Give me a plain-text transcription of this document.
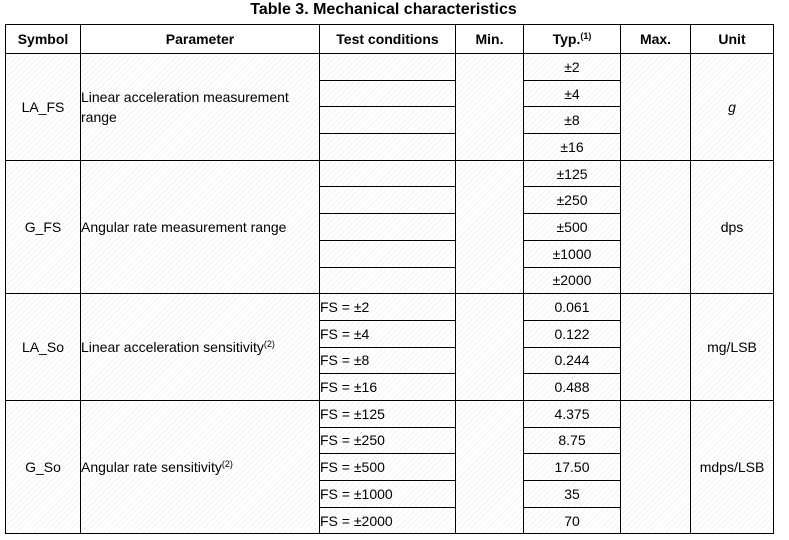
Table 3. Mechanical characteristics
Symbol	Parameter	Test conditions	Min.	Typ.$^{(1)}$	Max.	Unit
LA_FS	Linear acceleration measurement range			±2		g
				±4		
				±8		
				±16		
G_FS	Angular rate measurement range			±125		dps
				±250		
				±500		
				±1000		
				±2000		
LA_So	Linear acceleration sensitivity$^{(2)}$	FS = ±2		0.061		mg/LSB
		FS = ±4		0.122		
		FS = ±8		0.244		
		FS = ±16		0.488		
G_So	Angular rate sensitivity$^{(2)}$	FS = ±125		4.375		mdps/LSB
		FS = ±250		8.75		
		FS = ±500		17.50		
		FS = ±1000		35		
		FS = ±2000		70		
